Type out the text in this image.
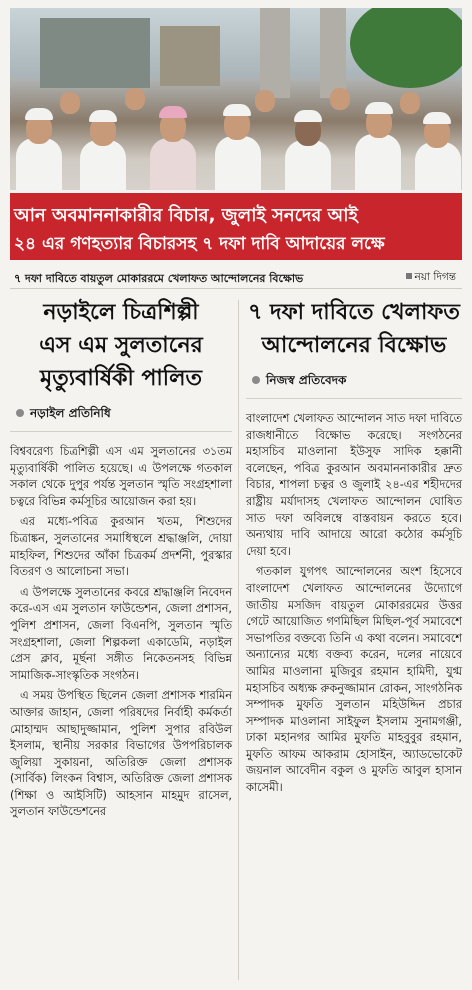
আন অবমাননাকারীর বিচার, জুলাই সনদের আই
২৪ এর গণহত্যার বিচারসহ ৭ দফা দাবি আদায়ের লক্ষে
৭ দফা দাবিতে বায়তুল মোকাররমে খেলাফত আন্দোলনের বিক্ষোভ	নয়া দিগন্ত
নড়াইলে চিত্রশিল্পী
এস এম সুলতানের
মৃত্যুবার্ষিকী পালিত
নড়াইল প্রতিনিধি

বিশ্ববরেণ্য চিত্রশিল্পী এস এম সুলতানের ৩১তম মৃত্যুবার্ষিকী পালিত হয়েছে। এ উপলক্ষে গতকাল সকাল থেকে দুপুর পর্যন্ত সুলতান স্মৃতি সংগ্রহশালা চত্বরে বিভিন্ন কর্মসূচির আয়োজন করা হয়।

এর মধ্যে-পবিত্র কুরআন খতম, শিশুদের চিত্রাঙ্কন, সুলতানের সমাধিস্থলে শ্রদ্ধাঞ্জলি, দোয়া মাহফিল, শিশুদের আঁকা চিত্রকর্ম প্রদর্শনী, পুরস্কার বিতরণ ও আলোচনা সভা।

এ উপলক্ষে সুলতানের কবরে শ্রদ্ধাঞ্জলি নিবেদন করে-এস এম সুলতান ফাউন্ডেশন, জেলা প্রশাসন, পুলিশ প্রশাসন, জেলা বিএনপি, সুলতান স্মৃতি সংগ্রহশালা, জেলা শিল্পকলা একাডেমি, নড়াইল প্রেস ক্লাব, মূর্ছনা সঙ্গীত নিকেতনসহ বিভিন্ন সামাজিক-সাংস্কৃতিক সংগঠন।

এ সময় উপস্থিত ছিলেন জেলা প্রশাসক শারমিন আক্তার জাহান, জেলা পরিষদের নির্বাহী কর্মকর্তা মোহাম্মদ আছাদুজ্জামান, পুলিশ সুপার রবিউল ইসলাম, স্থানীয় সরকার বিভাগের উপপরিচালক জুলিয়া সুকায়না, অতিরিক্ত জেলা প্রশাসক (সার্বিক) লিংকন বিশ্বাস, অতিরিক্ত জেলা প্রশাসক (শিক্ষা ও আইসিটি) আহসান মাহমুদ রাসেল, সুলতান ফাউন্ডেশনের

৭ দফা দাবিতে খেলাফত
আন্দোলনের বিক্ষোভ
নিজস্ব প্রতিবেদক

বাংলাদেশ খেলাফত আন্দোলন সাত দফা দাবিতে রাজধানীতে বিক্ষোভ করেছে। সংগঠনের মহাসচিব মাওলানা ইউসুফ সাদিক হক্কানী বলেছেন, পবিত্র কুরআন অবমাননাকারীর দ্রুত বিচার, শাপলা চত্বর ও জুলাই ২৪-এর শহীদদের রাষ্ট্রীয় মর্যাদাসহ খেলাফত আন্দোলন ঘোষিত সাত দফা অবিলম্বে বাস্তবায়ন করতে হবে। অন্যথায় দাবি আদায়ে আরো কঠোর কর্মসূচি দেয়া হবে।

গতকাল যুগপৎ আন্দোলনের অংশ হিসেবে বাংলাদেশ খেলাফত আন্দোলনের উদ্যোগে জাতীয় মসজিদ বায়তুল মোকাররমের উত্তর গেটে আয়োজিত গণমিছিল মিছিল-পূর্ব সমাবেশে সভাপতির বক্তব্যে তিনি এ কথা বলেন। সমাবেশে অন্যান্যের মধ্যে বক্তব্য করেন, দলের নায়েবে আমির মাওলানা মুজিবুর রহমান হামিদী, যুগ্ম মহাসচিব অধ্যক্ষ রুকনুজ্জামান রোকন, সাংগঠনিক সম্পাদক মুফতি সুলতান মহিউদ্দিন প্রচার সম্পাদক মাওলানা সাইফুল ইসলাম সুনামগঞ্জী, ঢাকা মহানগর আমির মুফতি মাহবুবুর রহমান, মুফতি আফম আকরাম হোসাইন, অ্যাডভোকেট জয়নাল আবেদীন বকুল ও মুফতি আবুল হাসান কাসেমী।
